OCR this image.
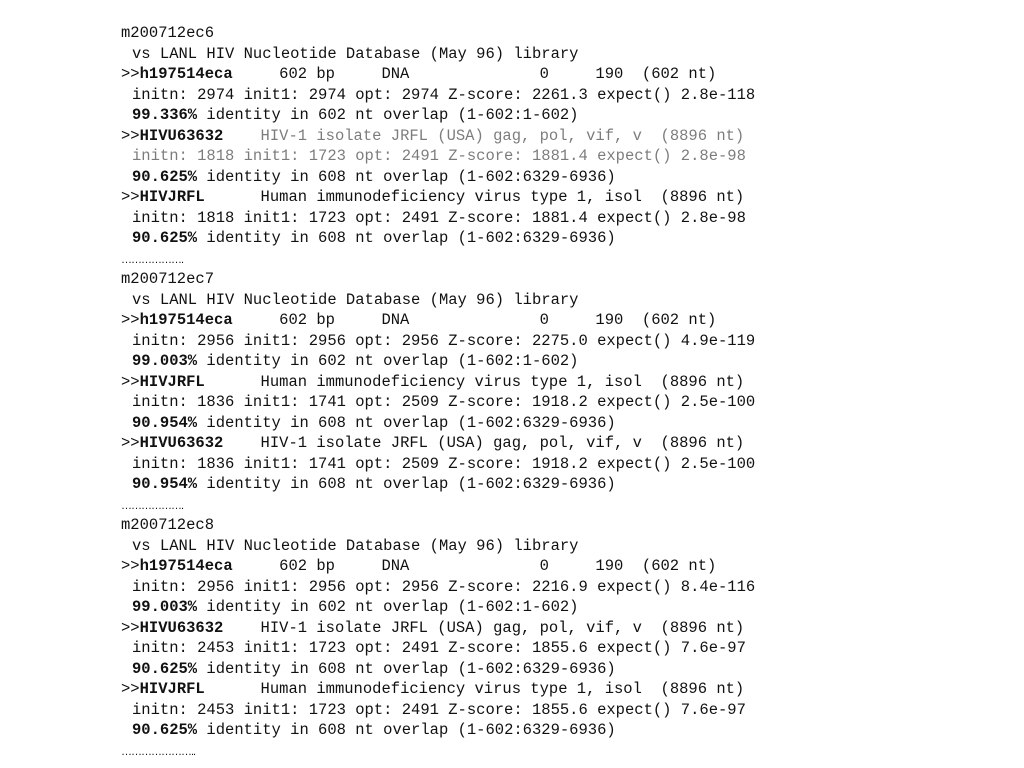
m200712ec6
vs LANL HIV Nucleotide Database (May 96) library
>>h197514eca	602 bp     DNA              0     190  (602 nt)
initn: 2974 init1: 2974 opt: 2974 Z-score: 2261.3 expect() 2.8e-118
99.336% identity in 602 nt overlap (1-602:1-602)
>>HIVU63632 HIV-1 isolate JRFL (USA) gag, pol, vif, v  (8896 nt)
initn: 1818 init1: 1723 opt: 2491 Z-score: 1881.4 expect() 2.8e-98
90.625% identity in 608 nt overlap (1-602:6329-6936)
>>HIVJRFL	Human immunodeficiency virus type 1, isol  (8896 nt)
initn: 1818 init1: 1723 opt: 2491 Z-score: 1881.4 expect() 2.8e-98
90.625% identity in 608 nt overlap (1-602:6329-6936)
……………….
m200712ec7
vs LANL HIV Nucleotide Database (May 96) library
>>h197514eca	602 bp     DNA              0     190  (602 nt)
initn: 2956 init1: 2956 opt: 2956 Z-score: 2275.0 expect() 4.9e-119
99.003% identity in 602 nt overlap (1-602:1-602)
>>HIVJRFL	Human immunodeficiency virus type 1, isol  (8896 nt)
initn: 1836 init1: 1741 opt: 2509 Z-score: 1918.2 expect() 2.5e-100
90.954% identity in 608 nt overlap (1-602:6329-6936)
>>HIVU63632 HIV-1 isolate JRFL (USA) gag, pol, vif, v  (8896 nt)
initn: 1836 init1: 1741 opt: 2509 Z-score: 1918.2 expect() 2.5e-100
90.954% identity in 608 nt overlap (1-602:6329-6936)
……………….
m200712ec8
vs LANL HIV Nucleotide Database (May 96) library
>>h197514eca	602 bp     DNA              0     190  (602 nt)
initn: 2956 init1: 2956 opt: 2956 Z-score: 2216.9 expect() 8.4e-116
99.003% identity in 602 nt overlap (1-602:1-602)
>>HIVU63632 HIV-1 isolate JRFL (USA) gag, pol, vif, v  (8896 nt)
initn: 2453 init1: 1723 opt: 2491 Z-score: 1855.6 expect() 7.6e-97
90.625% identity in 608 nt overlap (1-602:6329-6936)
>>HIVJRFL	Human immunodeficiency virus type 1, isol  (8896 nt)
initn: 2453 init1: 1723 opt: 2491 Z-score: 1855.6 expect() 7.6e-97
90.625% identity in 608 nt overlap (1-602:6329-6936)
…………………..
